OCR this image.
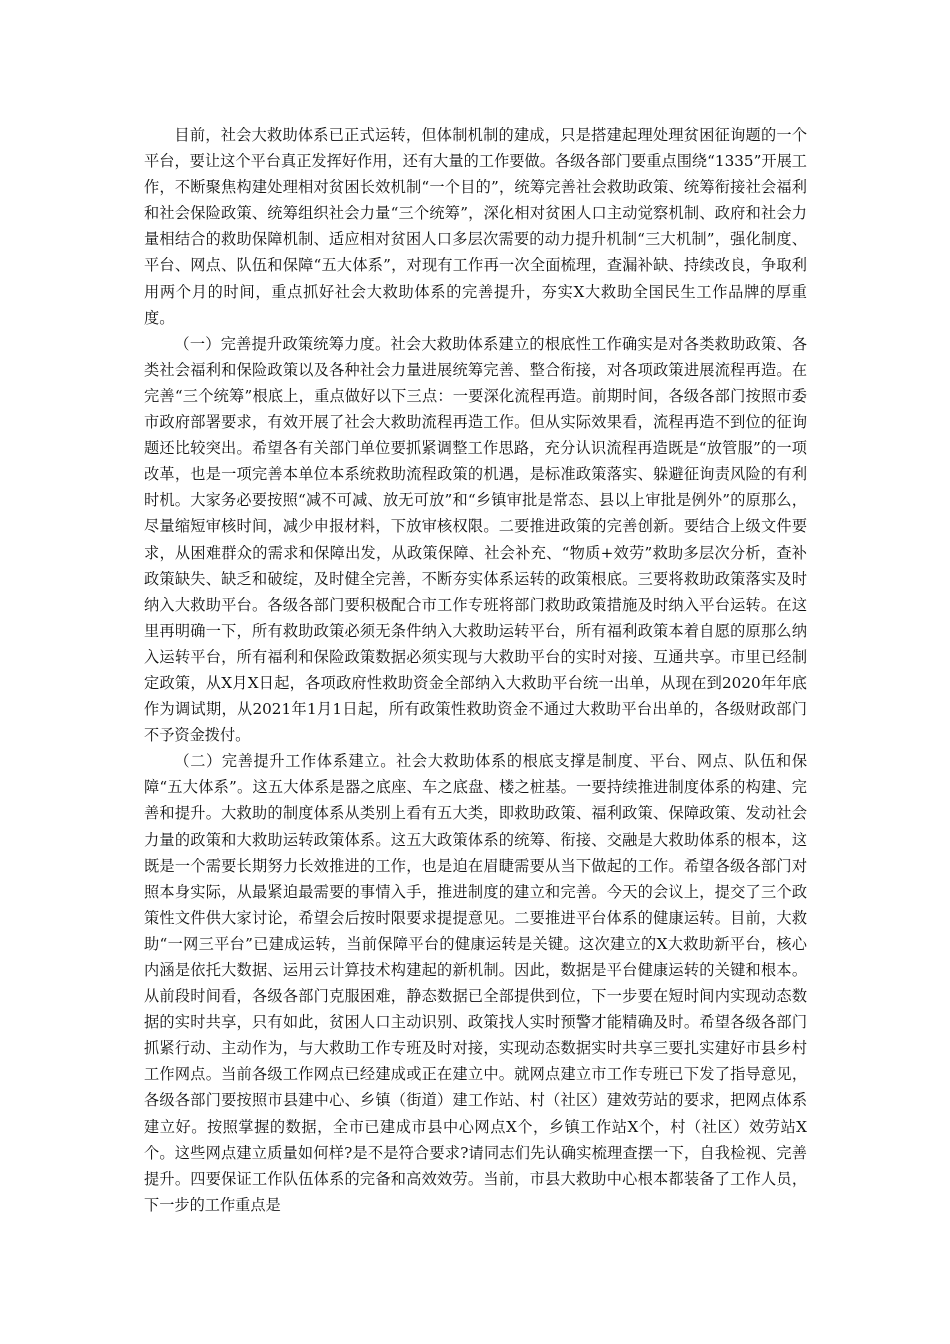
目前，社会大救助体系已正式运转，但体制机制的建成，只是搭建起理处理贫困征询题的一个平台，要让这个平台真正发挥好作用，还有大量的工作要做。各级各部门要重点围绕“1335”开展工作，不断聚焦构建处理相对贫困长效机制“一个目的”，统筹完善社会救助政策、统筹衔接社会福利和社会保险政策、统筹组织社会力量“三个统筹”，深化相对贫困人口主动觉察机制、政府和社会力量相结合的救助保障机制、适应相对贫困人口多层次需要的动力提升机制“三大机制”，强化制度、平台、网点、队伍和保障“五大体系”，对现有工作再一次全面梳理，查漏补缺、持续改良，争取利用两个月的时间，重点抓好社会大救助体系的完善提升，夯实X大救助全国民生工作品牌的厚重度。

（一）完善提升政策统筹力度。社会大救助体系建立的根底性工作确实是对各类救助政策、各类社会福利和保险政策以及各种社会力量进展统筹完善、整合衔接，对各项政策进展流程再造。在完善“三个统筹”根底上，重点做好以下三点：一要深化流程再造。前期时间，各级各部门按照市委市政府部署要求，有效开展了社会大救助流程再造工作。但从实际效果看，流程再造不到位的征询题还比较突出。希望各有关部门单位要抓紧调整工作思路，充分认识流程再造既是“放管服”的一项改革，也是一项完善本单位本系统救助流程政策的机遇，是标准政策落实、躲避征询责风险的有利时机。大家务必要按照“减不可减、放无可放”和“乡镇审批是常态、县以上审批是例外”的原那么，尽量缩短审核时间，减少申报材料，下放审核权限。二要推进政策的完善创新。要结合上级文件要求，从困难群众的需求和保障出发，从政策保障、社会补充、“物质+效劳”救助多层次分析，查补政策缺失、缺乏和破绽，及时健全完善，不断夯实体系运转的政策根底。三要将救助政策落实及时纳入大救助平台。各级各部门要积极配合市工作专班将部门救助政策措施及时纳入平台运转。在这里再明确一下，所有救助政策必须无条件纳入大救助运转平台，所有福利政策本着自愿的原那么纳入运转平台，所有福利和保险政策数据必须实现与大救助平台的实时对接、互通共享。市里已经制定政策，从X月X日起，各项政府性救助资金全部纳入大救助平台统一出单，从现在到2020年年底作为调试期，从2021年1月1日起，所有政策性救助资金不通过大救助平台出单的，各级财政部门不予资金拨付。

（二）完善提升工作体系建立。社会大救助体系的根底支撑是制度、平台、网点、队伍和保障“五大体系”。这五大体系是器之底座、车之底盘、楼之桩基。一要持续推进制度体系的构建、完善和提升。大救助的制度体系从类别上看有五大类，即救助政策、福利政策、保障政策、发动社会力量的政策和大救助运转政策体系。这五大政策体系的统筹、衔接、交融是大救助体系的根本，这既是一个需要长期努力长效推进的工作，也是迫在眉睫需要从当下做起的工作。希望各级各部门对照本身实际，从最紧迫最需要的事情入手，推进制度的建立和完善。今天的会议上，提交了三个政策性文件供大家讨论，希望会后按时限要求提提意见。二要推进平台体系的健康运转。目前，大救助“一网三平台”已建成运转，当前保障平台的健康运转是关键。这次建立的X大救助新平台，核心内涵是依托大数据、运用云计算技术构建起的新机制。因此，数据是平台健康运转的关键和根本。从前段时间看，各级各部门克服困难，静态数据已全部提供到位，下一步要在短时间内实现动态数据的实时共享，只有如此，贫困人口主动识别、政策找人实时预警才能精确及时。希望各级各部门抓紧行动、主动作为，与大救助工作专班及时对接，实现动态数据实时共享三要扎实建好市县乡村工作网点。当前各级工作网点已经建成或正在建立中。就网点建立市工作专班已下发了指导意见，各级各部门要按照市县建中心、乡镇（街道）建工作站、村（社区）建效劳站的要求，把网点体系建立好。按照掌握的数据，全市已建成市县中心网点X个，乡镇工作站X个，村（社区）效劳站X个。这些网点建立质量如何样?是不是符合要求?请同志们先认确实梳理查摆一下，自我检视、完善提升。四要保证工作队伍体系的完备和高效效劳。当前，市县大救助中心根本都装备了工作人员，下一步的工作重点是
